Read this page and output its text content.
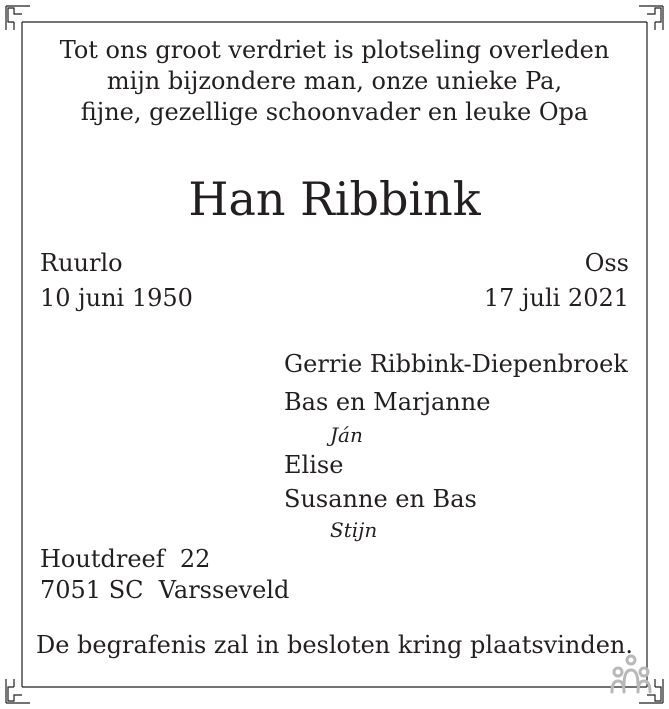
Tot ons groot verdriet is plotseling overleden
mijn bijzondere man, onze unieke Pa,
fijne, gezellige schoonvader en leuke Opa
Han Ribbink
Ruurlo
10 juni 1950
Oss
17 juli 2021
Gerrie Ribbink-Diepenbroek
Bas en Marjanne
Ján
Elise
Susanne en Bas
Stijn
Houtdreef  22
7051 SC  Varsseveld
De begrafenis zal in besloten kring plaatsvinden.
